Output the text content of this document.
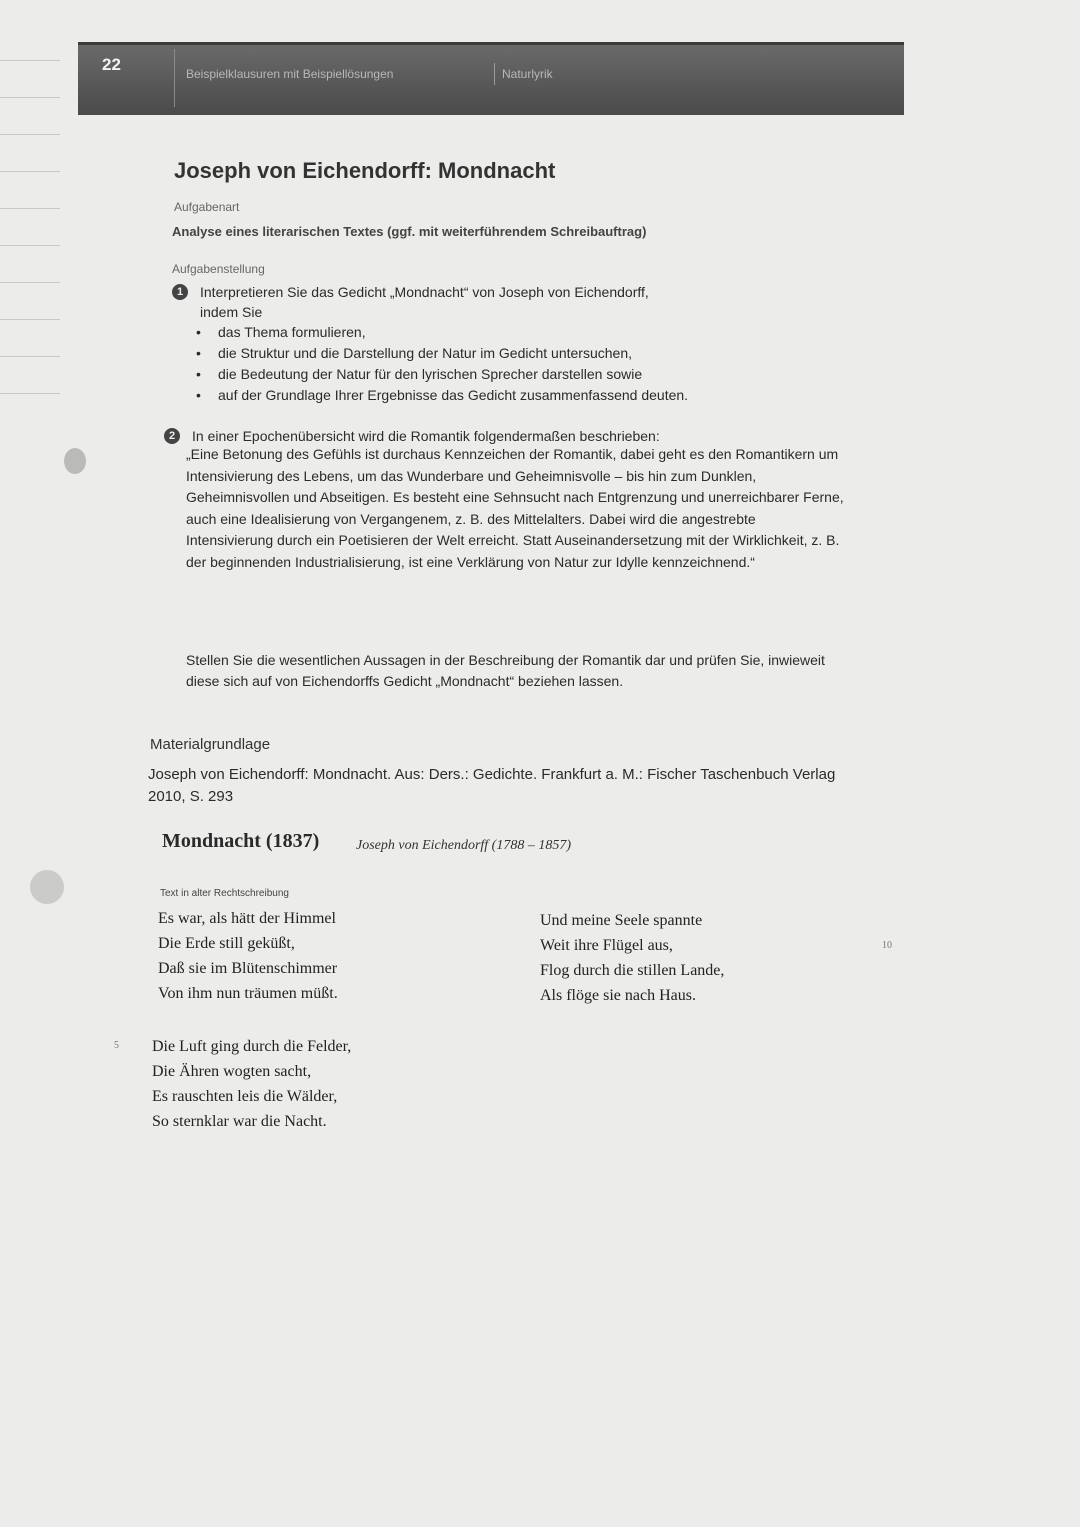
22	Beispielklausuren mit Beispiellösungen	Naturlyrik
Joseph von Eichendorff: Mondnacht
Aufgabenart
Analyse eines literarischen Textes (ggf. mit weiterführendem Schreibauftrag)
Aufgabenstellung
1	Interpretieren Sie das Gedicht „Mondnacht“ von Joseph von Eichendorff,
indem Sie
• das Thema formulieren,
• die Struktur und die Darstellung der Natur im Gedicht untersuchen,
• die Bedeutung der Natur für den lyrischen Sprecher darstellen sowie
• auf der Grundlage Ihrer Ergebnisse das Gedicht zusammenfassend deuten.
2	In einer Epochenübersicht wird die Romantik folgendermaßen beschrieben:
„Eine Betonung des Gefühls ist durchaus Kennzeichen der Romantik, dabei geht es den Romantikern um Intensivierung des Lebens, um das Wunderbare und Geheimnisvolle – bis hin zum Dunklen, Geheimnisvollen und Abseitigen. Es besteht eine Sehnsucht nach Entgrenzung und unerreichbarer Ferne, auch eine Idealisierung von Vergangenem, z. B. des Mittelalters. Dabei wird die angestrebte Intensivierung durch ein Poetisieren der Welt erreicht. Statt Auseinandersetzung mit der Wirklichkeit, z. B. der beginnenden Industrialisierung, ist eine Verklärung von Natur zur Idylle kennzeichnend.“
Stellen Sie die wesentlichen Aussagen in der Beschreibung der Romantik dar und prüfen Sie, inwieweit diese sich auf von Eichendorffs Gedicht „Mondnacht“ beziehen lassen.
Materialgrundlage
Joseph von Eichendorff: Mondnacht. Aus: Ders.: Gedichte. Frankfurt a. M.: Fischer Taschenbuch Verlag 2010, S. 293
Mondnacht (1837)	Joseph von Eichendorff (1788 – 1857)
Text in alter Rechtschreibung
Es war, als hätt der Himmel
Die Erde still geküßt,
Daß sie im Blütenschimmer
Von ihm nun träumen müßt.
5 Die Luft ging durch die Felder,
Die Ähren wogten sacht,
Es rauschten leis die Wälder,
So sternklar war die Nacht.
Und meine Seele spannte
Weit ihre Flügel aus,
Flog durch die stillen Lande,
Als flöge sie nach Haus.
10
